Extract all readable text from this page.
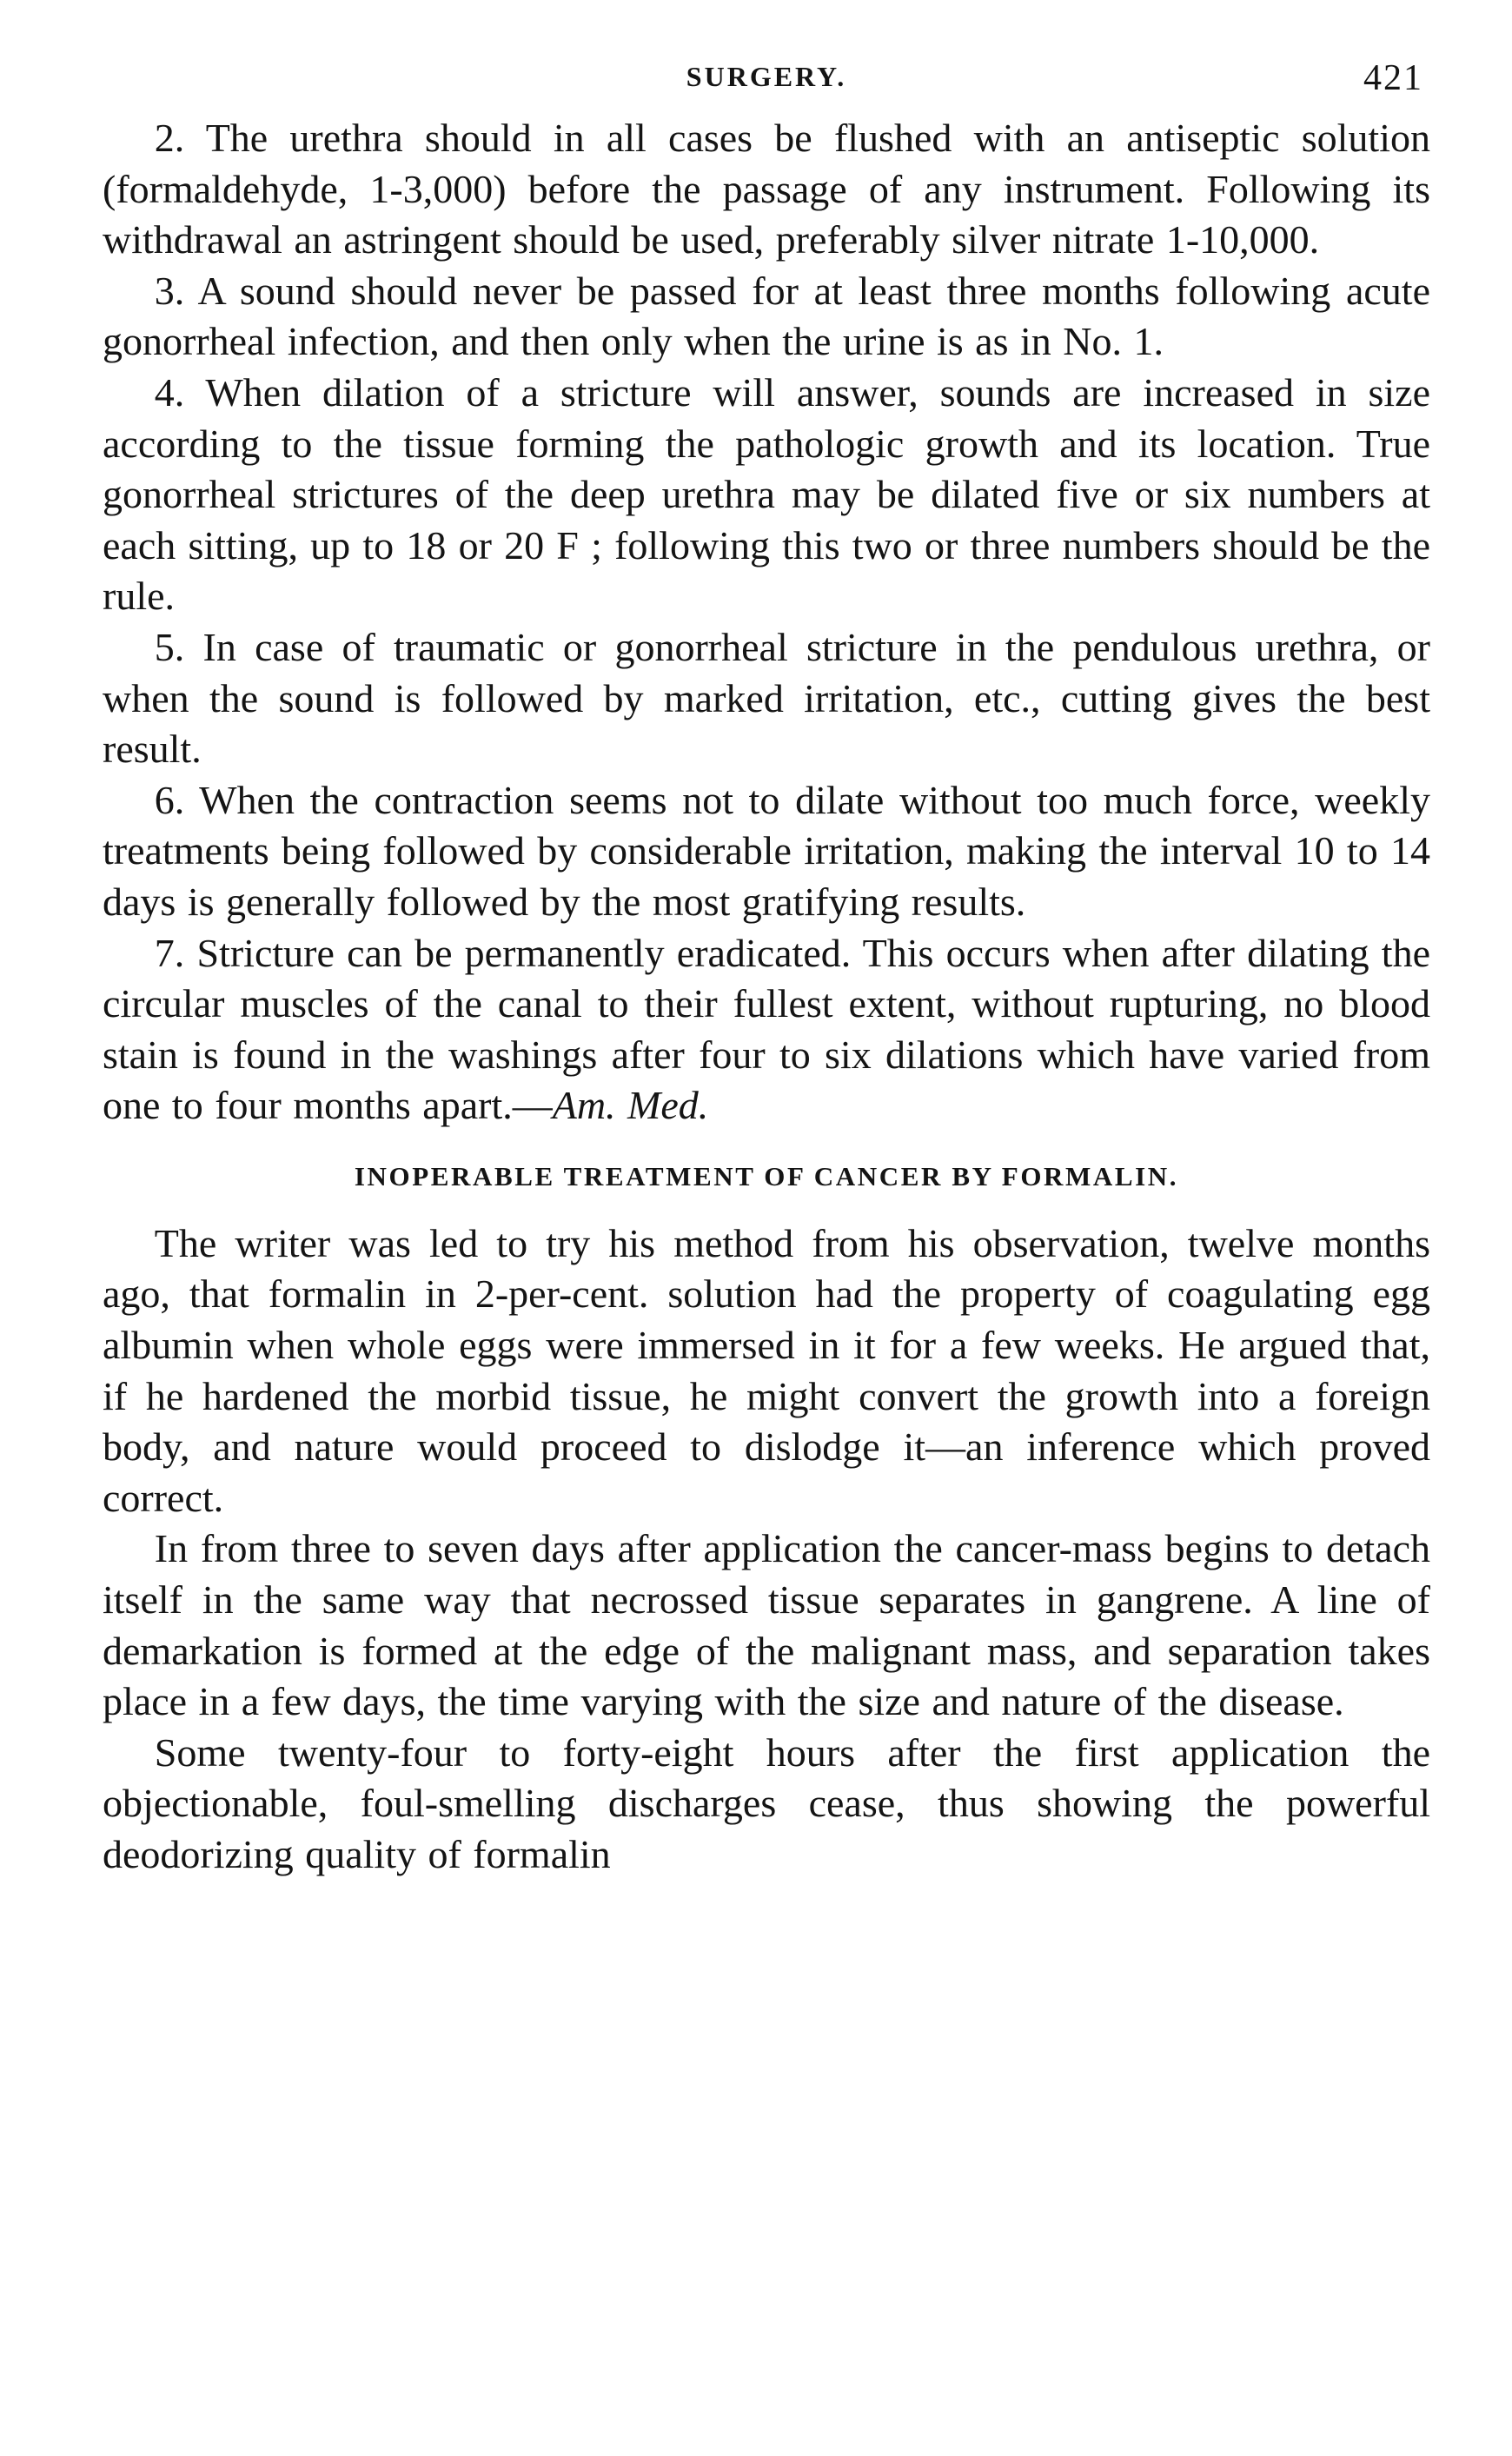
SURGERY.	421

2. The urethra should in all cases be flushed with an antiseptic solution (formaldehyde, 1-3,000) before the passage of any instrument. Following its withdrawal an astringent should be used, preferably silver nitrate 1-10,000.

3. A sound should never be passed for at least three months following acute gonorrheal infection, and then only when the urine is as in No. 1.

4. When dilation of a stricture will answer, sounds are increased in size according to the tissue forming the pathologic growth and its location. True gonorrheal strictures of the deep urethra may be dilated five or six numbers at each sitting, up to 18 or 20 F ; following this two or three numbers should be the rule.

5. In case of traumatic or gonorrheal stricture in the pendulous urethra, or when the sound is followed by marked irritation, etc., cutting gives the best result.

6. When the contraction seems not to dilate without too much force, weekly treatments being followed by considerable irritation, making the interval 10 to 14 days is generally followed by the most gratifying results.

7. Stricture can be permanently eradicated. This occurs when after dilating the circular muscles of the canal to their fullest extent, without rupturing, no blood stain is found in the washings after four to six dilations which have varied from one to four months apart.—Am. Med.

INOPERABLE TREATMENT OF CANCER BY FORMALIN.

The writer was led to try his method from his observation, twelve months ago, that formalin in 2-per-cent. solution had the property of coagulating egg albumin when whole eggs were immersed in it for a few weeks. He argued that, if he hardened the morbid tissue, he might convert the growth into a foreign body, and nature would proceed to dislodge it—an inference which proved correct.

In from three to seven days after application the cancer-mass begins to detach itself in the same way that necrossed tissue separates in gangrene. A line of demarkation is formed at the edge of the malignant mass, and separation takes place in a few days, the time varying with the size and nature of the disease.

Some twenty-four to forty-eight hours after the first application the objectionable, foul-smelling discharges cease, thus showing the powerful deodorizing quality of formalin
